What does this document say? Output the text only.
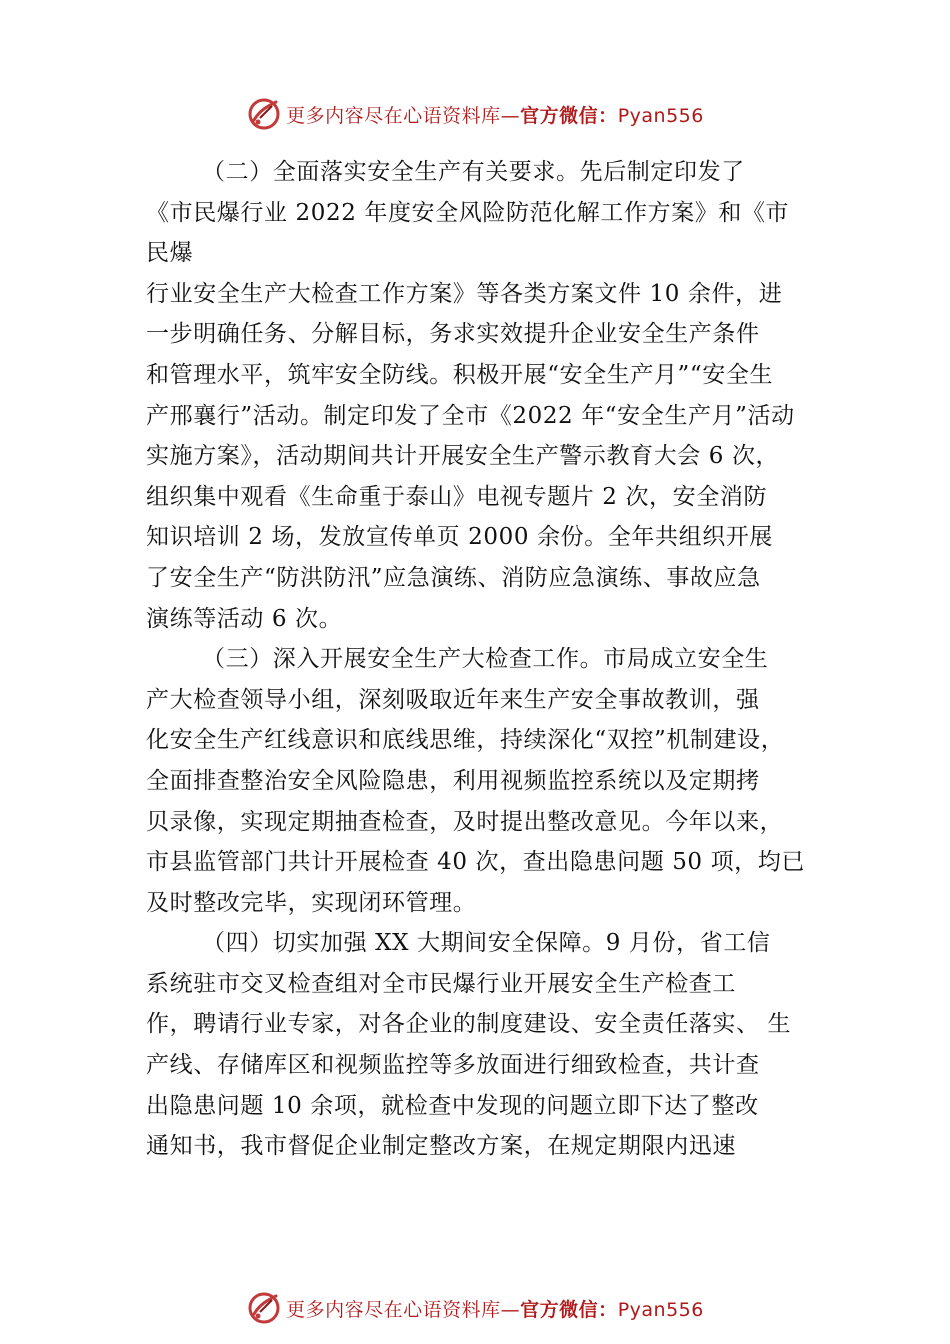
更多内容尽在心语资料库—官方微信：Pyan556
（二）全面落实安全生产有关要求。先后制定印发了
《市民爆行业 2022 年度安全风险防范化解工作方案》和《市
民爆
行业安全生产大检查工作方案》等各类方案文件 10 余件，进
一步明确任务、分解目标，务求实效提升企业安全生产条件
和管理水平，筑牢安全防线。积极开展“安全生产月”“安全生
产邢襄行”活动。制定印发了全市《2022 年“安全生产月”活动
实施方案》，活动期间共计开展安全生产警示教育大会 6 次，
组织集中观看《生命重于泰山》电视专题片 2 次，安全消防
知识培训 2 场，发放宣传单页 2000 余份。全年共组织开展
了安全生产“防洪防汛”应急演练、消防应急演练、事故应急
演练等活动 6 次。
（三）深入开展安全生产大检查工作。市局成立安全生
产大检查领导小组，深刻吸取近年来生产安全事故教训，强
化安全生产红线意识和底线思维，持续深化“双控”机制建设，
全面排查整治安全风险隐患，利用视频监控系统以及定期拷
贝录像，实现定期抽查检查，及时提出整改意见。今年以来，
市县监管部门共计开展检查 40 次，查出隐患问题 50 项，均已
及时整改完毕，实现闭环管理。
（四）切实加强 XX 大期间安全保障。9 月份，省工信
系统驻市交叉检查组对全市民爆行业开展安全生产检查工
作，聘请行业专家，对各企业的制度建设、安全责任落实、 生
产线、存储库区和视频监控等多放面进行细致检查，共计查
出隐患问题 10 余项，就检查中发现的问题立即下达了整改
通知书，我市督促企业制定整改方案，在规定期限内迅速
更多内容尽在心语资料库—官方微信：Pyan556
